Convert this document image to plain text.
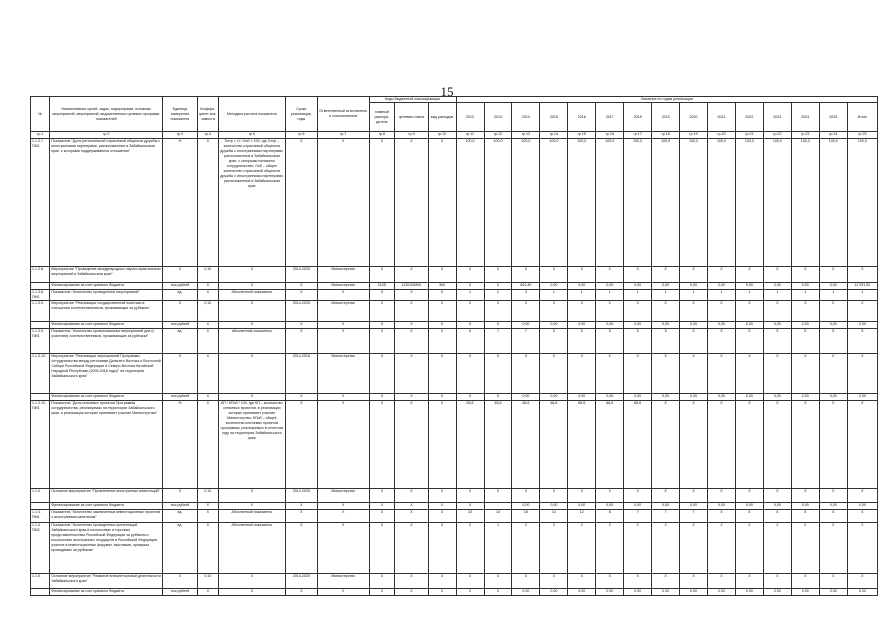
15
№	Наименование целей, задач, подпрограмм, основных мероприятий, мероприятий, ведомственных целевых программ, показателей	Единица измерения показателя	Коэффи-циент зна-чимости	Методика расчета показателя	Сроки реализации, годы	Ответственный исполнитель и соисполнители	Коды бюджетной классификации			Значения по годам реализации														
							главный распоря-дитель	целевая статья	вид расходов	2012	2013	2014	2015	2016	2017	2018	2019	2020	2021	2022	2023	2024	2025	Итого
гр.1	гр.2	гр.3	гр.4	гр.5	гр.6	гр.7	гр.8	гр.9	гр.10	гр.11	гр.12	гр.13	гр.14	гр.15	гр.16	гр.17	гр.18	гр.19	гр.20	гр.21	гр.22	гр.23	гр.24	гр.25
1.1.3.7. ПМ1	Показатель "Доля региональной отраслевой общности дружбы с иностранными партнерами, расположенных в Забайкальском крае, с которыми поддерживаются отношения"	%	X	Dотр = О / Ооб × 100, где Оотр – количество отраслевой общности дружбы с иностранными партнерами, расположенных в Забайкальском крае, с которыми налажено сотрудничество; Ооб – общее количество отраслевой общности дружбы с иностранными партнерами, расположенных в Забайкальском крае	X	X	X	X	X	100,0	100,0	100,0	100,0	100,0	100,0	100,0	100,0	100,0	100,0	100,0	100,0	100,0	100,0	100,0
1.1.3.8.	Мероприятие "Проведение международных научно-практических мероприятий в Забайкальском крае"	X	0,10	X	2014-2025	Министерство	X	X	X	X	X	X	X	X	X	X	X	X	X	X	X	X	X	X
	Финансирование за счет краевого бюджета	тыс.рублей	X	X	X	Министерство	0125	1130106500	360	X	X	601,40	0,00	0,00	0,00	0,00	0,00	0,00	0,00	0,00	0,00	0,00	0,00	11 091,50
1.1.3.8. ПМ1	Показатель "Количество проведенных мероприятий"	ед.	X	Абсолютный показатель	X	X	X	X	X	1	2	3	1	1	1	1	1	1	1	1	1	1	1	1
1.1.3.9.	Мероприятие "Реализация государственной политики в отношении соотечественников, проживающих за рубежом"	X	0,10	X	2014-2025	Министерство	X	X	X	X	X	X	X	X	X	X	X	X	X	X	X	X	X	X
	Финансирование за счет краевого бюджета	тыс.рублей	X	X	X	X	X	X	X	X	X	0,00	0,00	0,00	0,00	0,00	0,00	0,00	0,00	0,00	0,00	0,00	0,00	0,00
1.1.3.9. ПМ1	Показатель "Количество организованных мероприятий для (с участием) соотечественников, проживающих за рубежом"	ед.	X	абсолютный показатель	X	X	X	X	X	6	7	7	5	5	5	5	5	5	5	5	5	5	5	5
1.1.3.10.	Мероприятие "Реализация мероприятий Программы сотрудничества между регионами Дальнего Востока и Восточной Сибири Российской Федерации и Северо-Востока Китайской Народной Республики (2009-2018 годы)" на территории Забайкальского края"	X	X	X	2014-2018	Министерство	X	X	X	X	X	X	X	X	X	X	X	X	X	X	X	X	X	X
	Финансирование за счет краевого бюджета	тыс.рублей	X	X	X	X	X	X	X	X	X	0,00	0,00	0,00	0,00	0,00	0,00	0,00	0,00	0,00	0,00	0,00	0,00	0,00
1.1.3.10. ПМ1	Показатель "Доля ключевых проектов Программы сотрудничества, реализуемых на территории Забайкальского края, в реализации которых принимает участие Министерство"	%	X	КП / КПоб * 100, где КП – количество ключевых проектов, в реализации которых принимает участие Министерство; КПоб – общее количество ключевых проектов программы, реализуемых в отчетном году на территории Забайкальского края	X	X	X	X	X	63,6	63,6	66,6	66,6	66,6	66,6	66,6	X	X	X	X	X	X	X	X
1.1.4.	Основное мероприятие "Привлечение иностранных инвестиций"	X	0,10	X	2014-2025	Министерство	X	X	X	X	X	X	X	X	X	X	X	X	X	X	X	X	X	X
	Финансирование за счет краевого бюджета	тыс.рублей	X	X	X	X	X	X	X	X	-	0,00	0,00	0,00	0,00	0,00	0,00	0,00	0,00	0,00	0,00	0,00	0,00	0,00
1.1.4. ПМ1	Показатель "Количество заключенных инвестиционных проектов с иностранным капиталом"	ед.	X	Абсолютный показатель	X	X	X	X	X	10	14	18	14	12	8	7	7	7	5	5	5	5	5	5
1.1.4. ПМ2	Показатель "Количество проведенных презентаций Забайкальского края в посольствах и торговых представительствах Российской Федерации за рубежом и посольствах иностранных государств в Российской Федерации, участие в инвестиционных форумах, выставках, ярмарках, проводимых за рубежом"	ед.	X	Абсолютный показатель	X	X	X	X	X	2	1	2	2	2	2	2	2	2	2	2	2	2	2	2
1.1.5.	Основное мероприятие "Развитие внешнеторговой деятельности Забайкальского края"	X	0,10	X	2014-2025	Министерство	X	X	X	X	X	X	X	X	X	X	X	X	X	X	X	X	X	X
	Финансирование за счет краевого бюджета	тыс.рублей	X	X	X	X	X	X	X	X	X	0,00	0,00	0,00	0,00	0,00	0,00	0,00	0,00	0,00	0,00	0,00	0,00	0,00
